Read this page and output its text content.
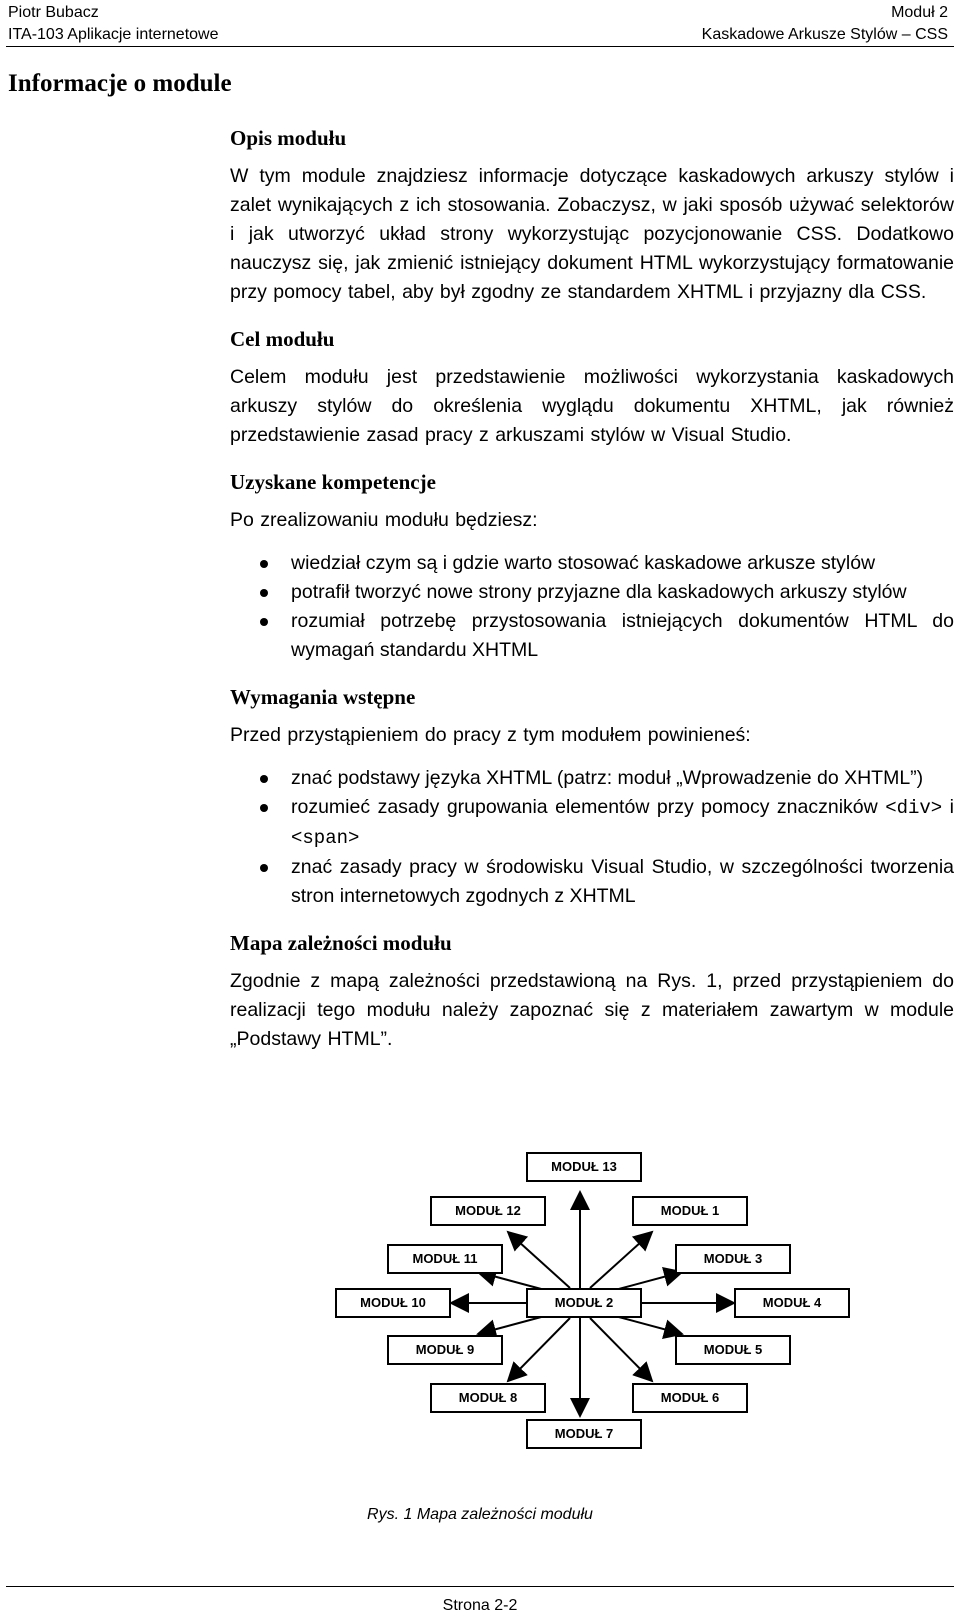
Piotr Bubacz
ITA-103 Aplikacje internetowe
Moduł 2
Kaskadowe Arkusze Stylów – CSS
Informacje o module
Opis modułu

W tym module znajdziesz informacje dotyczące kaskadowych arkuszy stylów i zalet wynikających z ich stosowania. Zobaczysz, w jaki sposób używać selektorów i jak utworzyć układ strony wykorzystując pozycjonowanie CSS. Dodatkowo nauczysz się, jak zmienić istniejący dokument HTML wykorzystujący formatowanie przy pomocy tabel, aby był zgodny ze standardem XHTML i przyjazny dla CSS.

Cel modułu

Celem modułu jest przedstawienie możliwości wykorzystania kaskadowych arkuszy stylów do określenia wyglądu dokumentu XHTML, jak również przedstawienie zasad pracy z arkuszami stylów w Visual Studio.

Uzyskane kompetencje

Po zrealizowaniu modułu będziesz:

wiedział czym są i gdzie warto stosować kaskadowe arkusze stylów
potrafił tworzyć nowe strony przyjazne dla kaskadowych arkuszy stylów
rozumiał potrzebę przystosowania istniejących dokumentów HTML do wymagań standardu XHTML
Wymagania wstępne

Przed przystąpieniem do pracy z tym modułem powinieneś:

znać podstawy języka XHTML (patrz: moduł „Wprowadzenie do XHTML”)
rozumieć zasady grupowania elementów przy pomocy znaczników <div> i <span>
znać zasady pracy w środowisku Visual Studio, w szczególności tworzenia stron internetowych zgodnych z XHTML
Mapa zależności modułu

Zgodnie z mapą zależności przedstawioną na Rys. 1, przed przystąpieniem do realizacji tego modułu należy zapoznać się z materiałem zawartym w module „Podstawy HTML”.

MODUŁ 13
MODUŁ 12	MODUŁ 1
MODUŁ 11	MODUŁ 3
MODUŁ 10	MODUŁ 4
MODUŁ 9	MODUŁ 5
MODUŁ 8	MODUŁ 6
MODUŁ 7
MODUŁ 2
Rys. 1 Mapa zależności modułu
Strona 2-2
